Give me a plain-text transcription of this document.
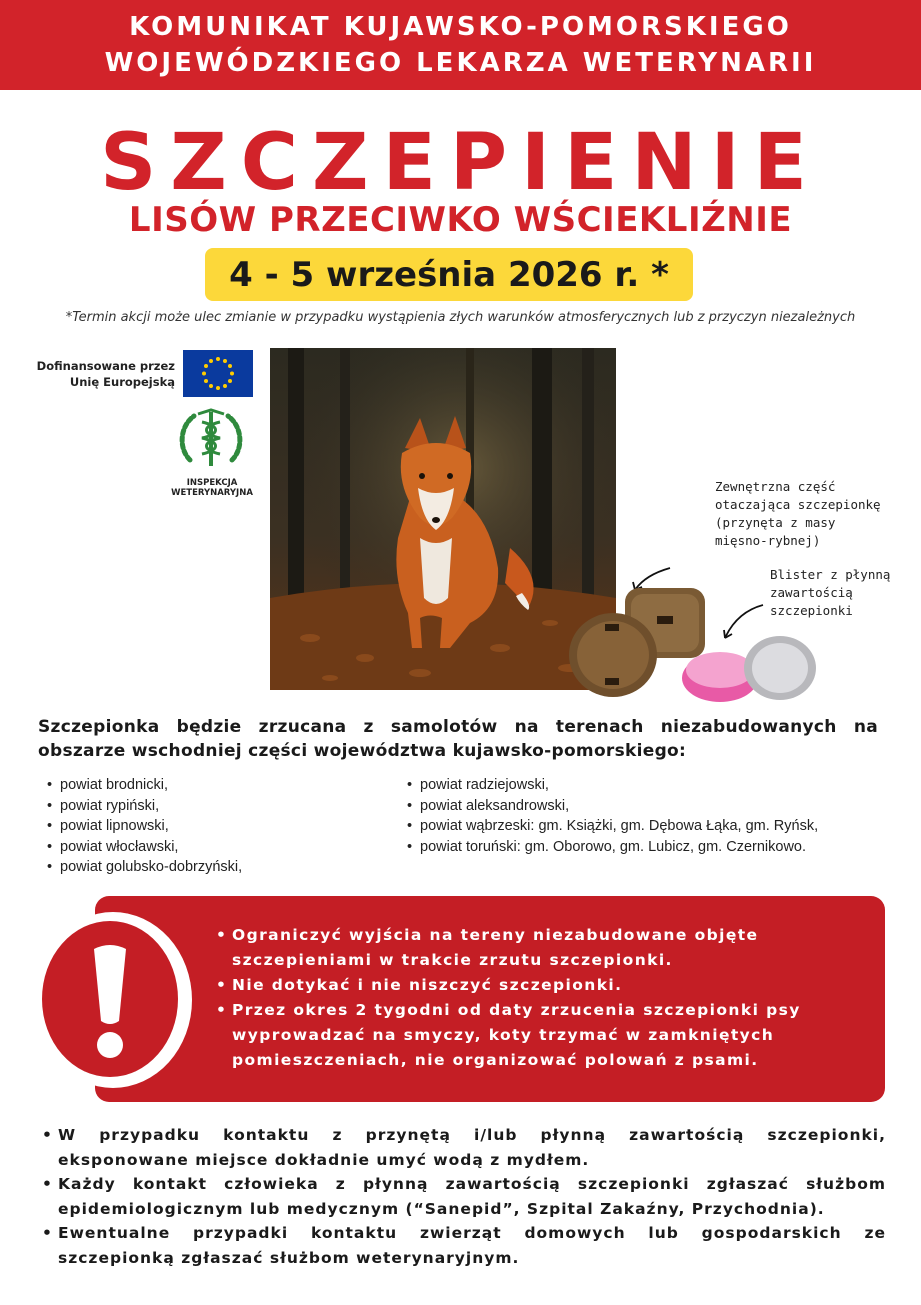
KOMUNIKAT KUJAWSKO-POMORSKIEGO
WOJEWÓDZKIEGO LEKARZA WETERYNARII
SZCZEPIENIE
LISÓW PRZECIWKO WŚCIEKLIŹNIE
4 - 5 września 2026 r. *
*Termin akcji może ulec zmianie w przypadku wystąpienia złych warunków atmosferycznych lub z przyczyn niezależnych
Dofinansowane przez
Unię Europejską
INSPEKCJA
WETERYNARYJNA	Zewnętrzna część
otaczająca szczepionkę
(przynęta z masy
mięsno-rybnej)
Blister z płynną
zawartością
szczepionki
Szczepionka będzie zrzucana z samolotów na terenach niezabudowanych na obszarze wschodniej części województwa kujawsko-pomorskiego:
• powiat brodnicki,
• powiat rypiński,
• powiat lipnowski,
• powiat włocławski,
• powiat golubsko-dobrzyński,
• powiat radziejowski,
• powiat aleksandrowski,
• powiat wąbrzeski: gm. Książki, gm. Dębowa Łąka, gm. Ryńsk,
• powiat toruński: gm. Oborowo, gm. Lubicz, gm. Czernikowo.
• Ograniczyć wyjścia na tereny niezabudowane objęte szczepieniami w trakcie zrzutu szczepionki.
• Nie dotykać i nie niszczyć szczepionki.
• Przez okres 2 tygodni od daty zrzucenia szczepionki psy wyprowadzać na smyczy, koty trzymać w zamkniętych pomieszczeniach, nie organizować polowań z psami.
• W przypadku kontaktu z przynętą i/lub płynną zawartością szczepionki, eksponowane miejsce dokładnie umyć wodą z mydłem.
• Każdy kontakt człowieka z płynną zawartością szczepionki zgłaszać służbom epidemiologicznym lub medycznym (“Sanepid”, Szpital Zakaźny, Przychodnia).
• Ewentualne przypadki kontaktu zwierząt domowych lub gospodarskich ze szczepionką zgłaszać służbom weterynaryjnym.
